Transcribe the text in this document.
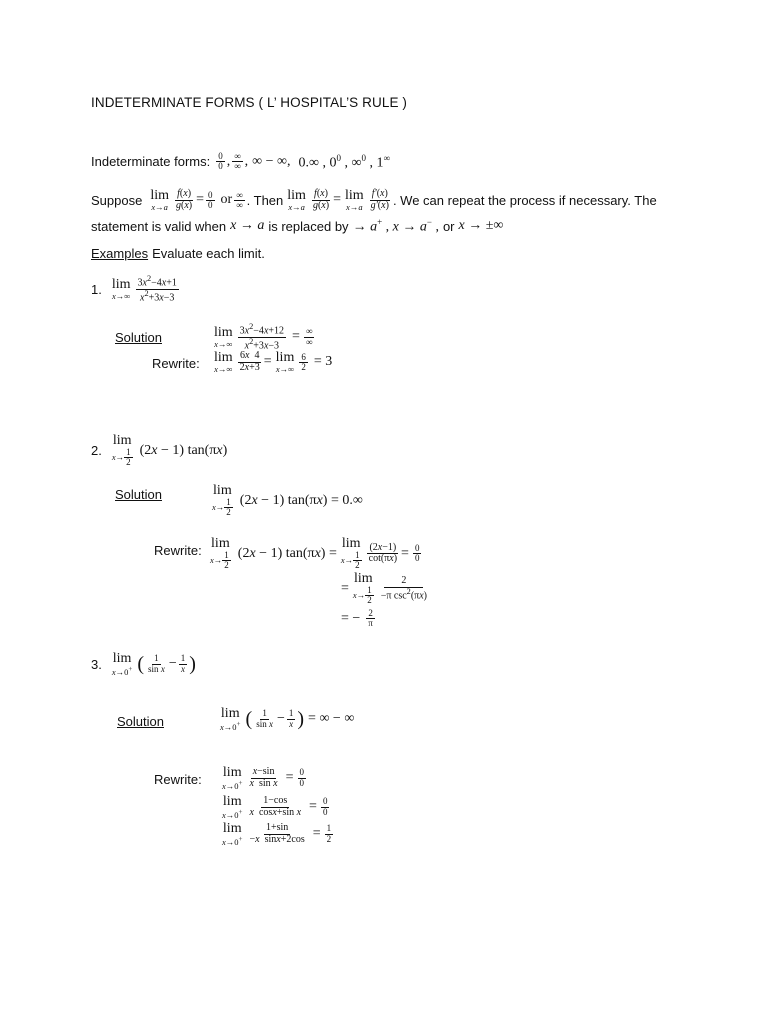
INDETERMINATE FORMS ( L’ HOSPITAL’S RULE )
Indeterminate forms: $\frac{0}{0}$ , $\frac{\infty}{\infty}$ , ∞ − ∞, 0.∞ , $0^0$ , ∞$^0$ , 1∞
Suppose lim
$x\to a \frac{f(x)}{g(x)} = \frac{0}{0}$ or $\frac{\infty}{\infty}$ . Then lim
$x\to a \frac{f(x)}{g(x)} = \lim$
$x\to a \frac{f'(x)}{g'(x)}$ . We can repeat the process if necessary. The
statement is valid when x → a is replaced by → a+ , x → a− , or x → ±∞
Examples Evaluate each limit.
1. lim
$x\to\infty \frac{3x^2-4x+1}{x^2+3x-3}$
Solution	lim
$x\to\infty \frac{3x^2-4x+12}{x^2+3x-3} = \frac{\infty}{\infty}$
Rewrite: lim
$x\to\infty \frac{6x 4}{2x+3} = \lim$
$x\to\infty \frac{6}{2} = 3$
2.
lim
$x\to \frac{1}{2} (2x - 1)$ tan(πx)
Solution	lim
$x\to \frac{1}{2} (2x - 1) \tan(\pi x) = 0.\infty$
Rewrite: lim
$x\to \frac{1}{2} (2x - 1) \tan(\pi x)$ =
lim
$x\to \frac{1}{2} \frac{(2x-1)}{\cot(\pi x)} = \frac{0}{0}$
=
lim
$x\to \frac{1}{2} \frac{2}{-\pi \csc^2(\pi x)}$
= − $\frac{2}{\pi}$
3. lim
x→0+ ( $\frac{1}{\text{sin x}} - \frac{1}{x}$ )
Solution
lim
x→0+ ( $\frac{1}{\text{sin x}} - \frac{1}{x}$ ) = ∞ − ∞
Rewrite: lim
$x\to 0^+ \frac{x-\sin}{\text{x  sin x}} = \frac{0}{0}$
lim
$x\to 0^+ \frac{1-\cos}{\text{x  cosx+sin x}} = \frac{0}{0}$
lim
$x\to 0^+ \frac{1+\sin}{\text{−x  sinx+2cos}} = \frac{1}{2}$
